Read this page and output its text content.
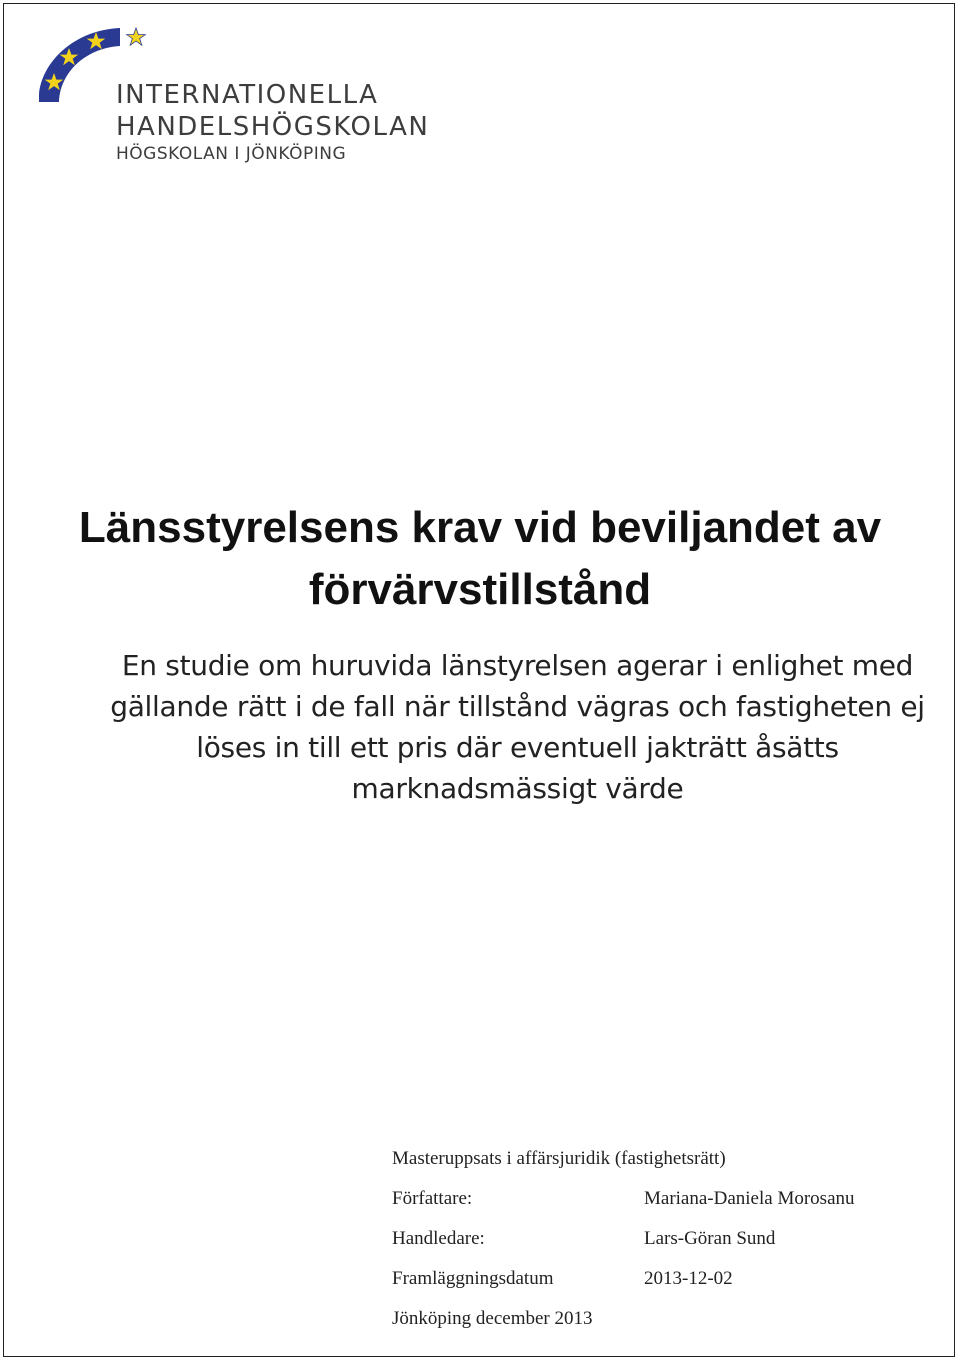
INTERNATIONELLA
HANDELSHÖGSKOLAN
HÖGSKOLAN I JÖNKÖPING
Länsstyrelsens krav vid beviljandet av
förvärvstillstånd
En studie om huruvida länstyrelsen agerar i enlighet med
gällande rätt i de fall när tillstånd vägras och fastigheten ej
löses in till ett pris där eventuell jakträtt åsätts
marknadsmässigt värde
Masteruppsats i affärsjuridik (fastighetsrätt)
Författare:	Mariana-Daniela Morosanu
Handledare:	Lars-Göran Sund
Framläggningsdatum	2013-12-02
Jönköping december 2013
